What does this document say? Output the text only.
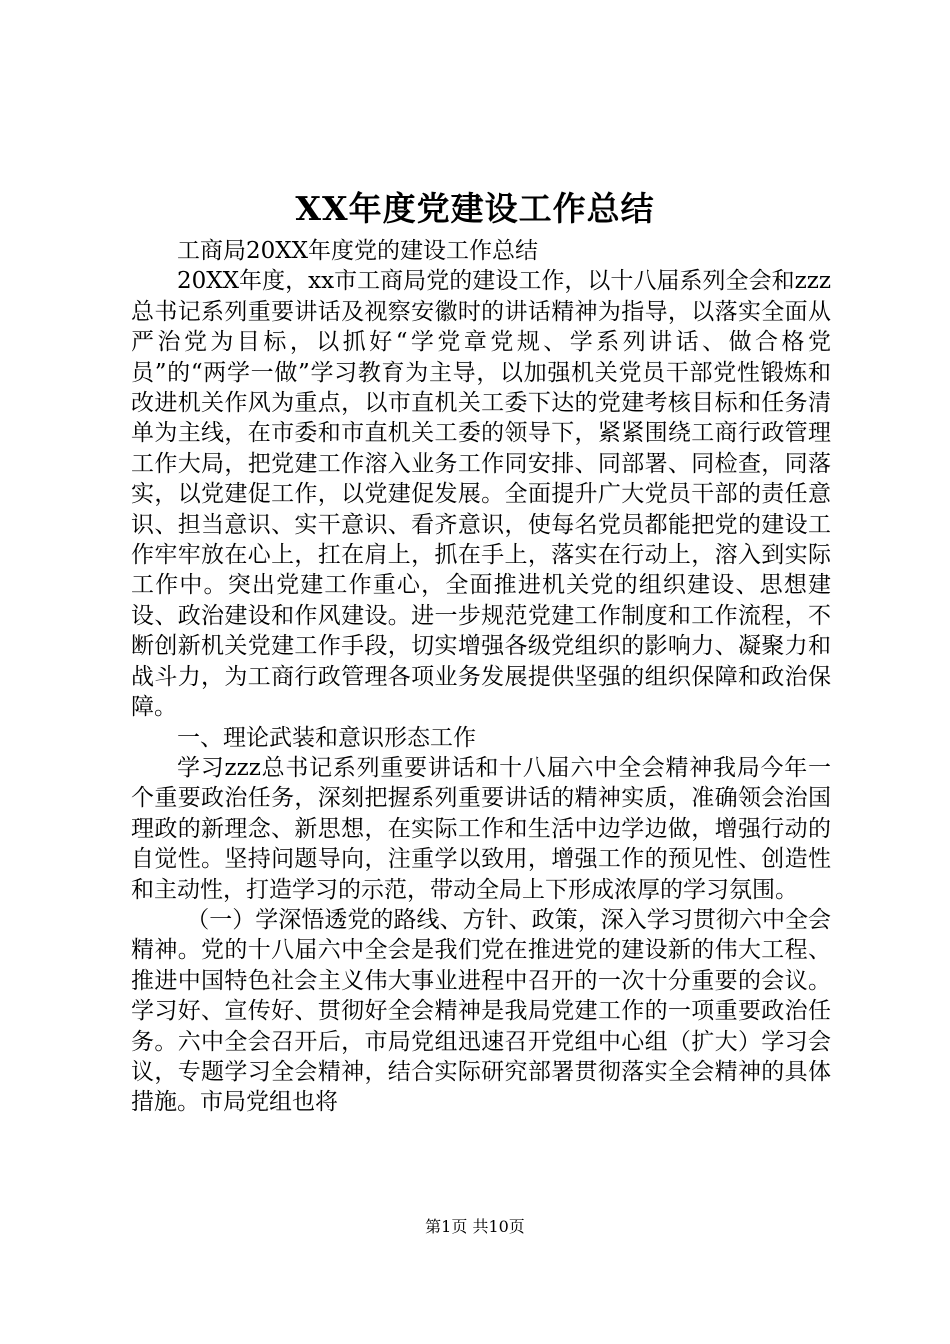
XX年度党建设工作总结

工商局20XX年度党的建设工作总结

20XX年度，xx市工商局党的建设工作，以十八届系列全会和zzz总书记系列重要讲话及视察安徽时的讲话精神为指导，以落实全面从严治党为目标，以抓好“学党章党规、学系列讲话、做合格党员”的“两学一做”学习教育为主导，以加强机关党员干部党性锻炼和改进机关作风为重点，以市直机关工委下达的党建考核目标和任务清单为主线，在市委和市直机关工委的领导下，紧紧围绕工商行政管理工作大局，把党建工作溶入业务工作同安排、同部署、同检查，同落实，以党建促工作，以党建促发展。全面提升广大党员干部的责任意识、担当意识、实干意识、看齐意识，使每名党员都能把党的建设工作牢牢放在心上，扛在肩上，抓在手上，落实在行动上，溶入到实际工作中。突出党建工作重心，全面推进机关党的组织建设、思想建设、政治建设和作风建设。进一步规范党建工作制度和工作流程，不断创新机关党建工作手段，切实增强各级党组织的影响力、凝聚力和战斗力，为工商行政管理各项业务发展提供坚强的组织保障和政治保障。

一、理论武装和意识形态工作

学习zzz总书记系列重要讲话和十八届六中全会精神我局今年一个重要政治任务，深刻把握系列重要讲话的精神实质，准确领会治国理政的新理念、新思想，在实际工作和生活中边学边做，增强行动的自觉性。坚持问题导向，注重学以致用，增强工作的预见性、创造性和主动性，打造学习的示范，带动全局上下形成浓厚的学习氛围。

（一）学深悟透党的路线、方针、政策，深入学习贯彻六中全会精神。党的十八届六中全会是我们党在推进党的建设新的伟大工程、推进中国特色社会主义伟大事业进程中召开的一次十分重要的会议。学习好、宣传好、贯彻好全会精神是我局党建工作的一项重要政治任务。六中全会召开后，市局党组迅速召开党组中心组（扩大）学习会议，专题学习全会精神，结合实际研究部署贯彻落实全会精神的具体措施。市局党组也将

第1页 共10页
